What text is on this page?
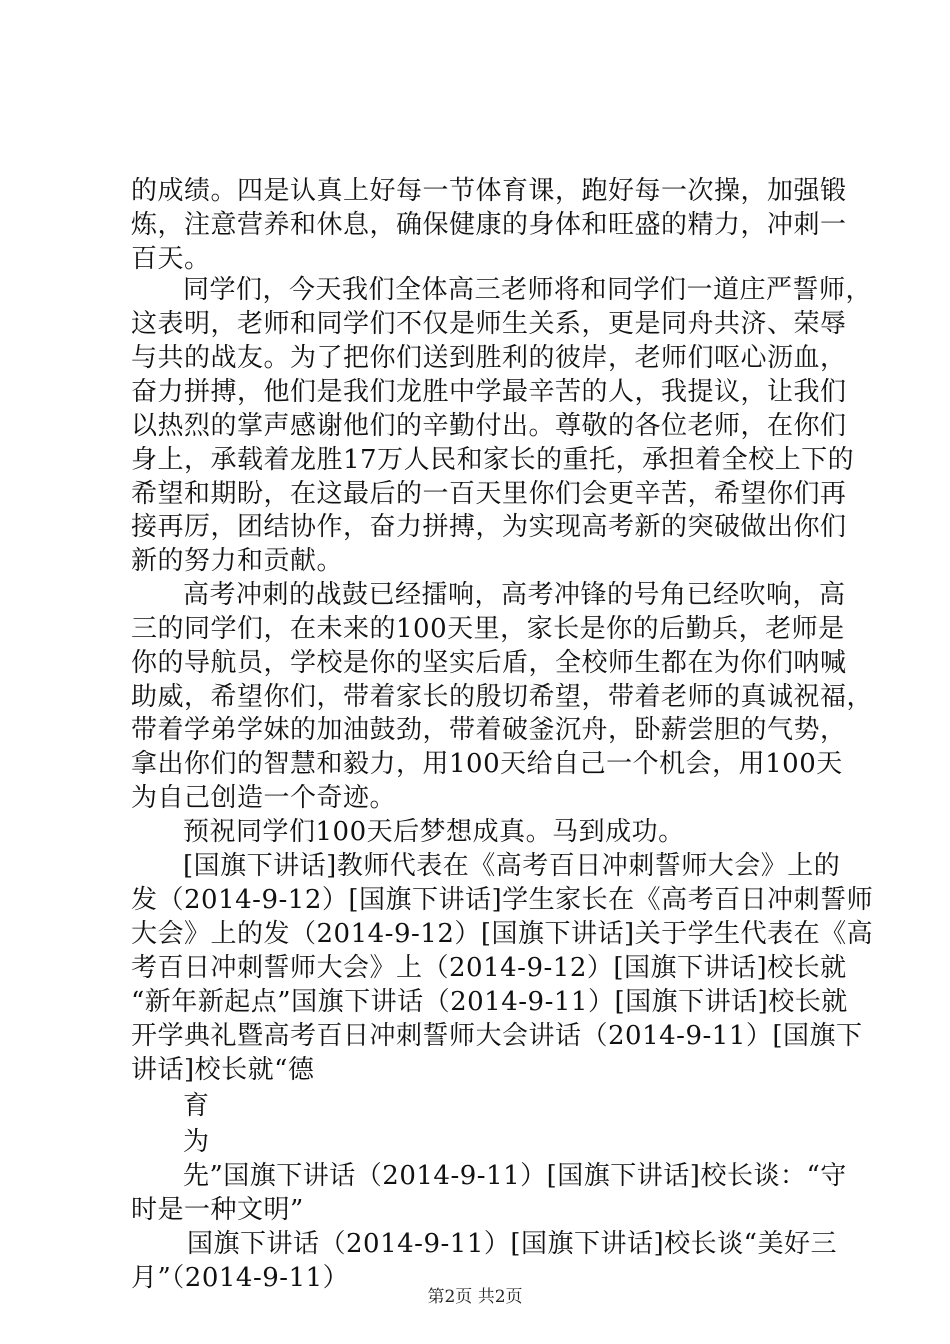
的成绩。四是认真上好每一节体育课，跑好每一次操，加强锻
炼，注意营养和休息，确保健康的身体和旺盛的精力，冲刺一
百天。
同学们，今天我们全体高三老师将和同学们一道庄严誓师，
这表明，老师和同学们不仅是师生关系，更是同舟共济、荣辱
与共的战友。为了把你们送到胜利的彼岸，老师们呕心沥血，
奋力拼搏，他们是我们龙胜中学最辛苦的人，我提议，让我们
以热烈的掌声感谢他们的辛勤付出。尊敬的各位老师，在你们
身上，承载着龙胜17万人民和家长的重托，承担着全校上下的
希望和期盼，在这最后的一百天里你们会更辛苦，希望你们再
接再厉，团结协作，奋力拼搏，为实现高考新的突破做出你们
新的努力和贡献。
高考冲刺的战鼓已经擂响，高考冲锋的号角已经吹响，高
三的同学们，在未来的100天里，家长是你的后勤兵，老师是
你的导航员，学校是你的坚实后盾，全校师生都在为你们呐喊
助威，希望你们，带着家长的殷切希望，带着老师的真诚祝福，
带着学弟学妹的加油鼓劲，带着破釜沉舟，卧薪尝胆的气势，
拿出你们的智慧和毅力，用100天给自己一个机会，用100天
为自己创造一个奇迹。
预祝同学们100天后梦想成真。马到成功。
[国旗下讲话]教师代表在《高考百日冲刺誓师大会》上的
发（2014-9-12）[国旗下讲话]学生家长在《高考百日冲刺誓师
大会》上的发（2014-9-12）[国旗下讲话]关于学生代表在《高
考百日冲刺誓师大会》上（2014-9-12）[国旗下讲话]校长就
“新年新起点”国旗下讲话（2014-9-11）[国旗下讲话]校长就
开学典礼暨高考百日冲刺誓师大会讲话（2014-9-11）[国旗下
讲话]校长就“德
育
为
先”国旗下讲话（2014-9-11）[国旗下讲话]校长谈：“守
时是一种文明”
国旗下讲话（2014-9-11）[国旗下讲话]校长谈“美好三
月”（2014-9-11）
第2页 共2页
